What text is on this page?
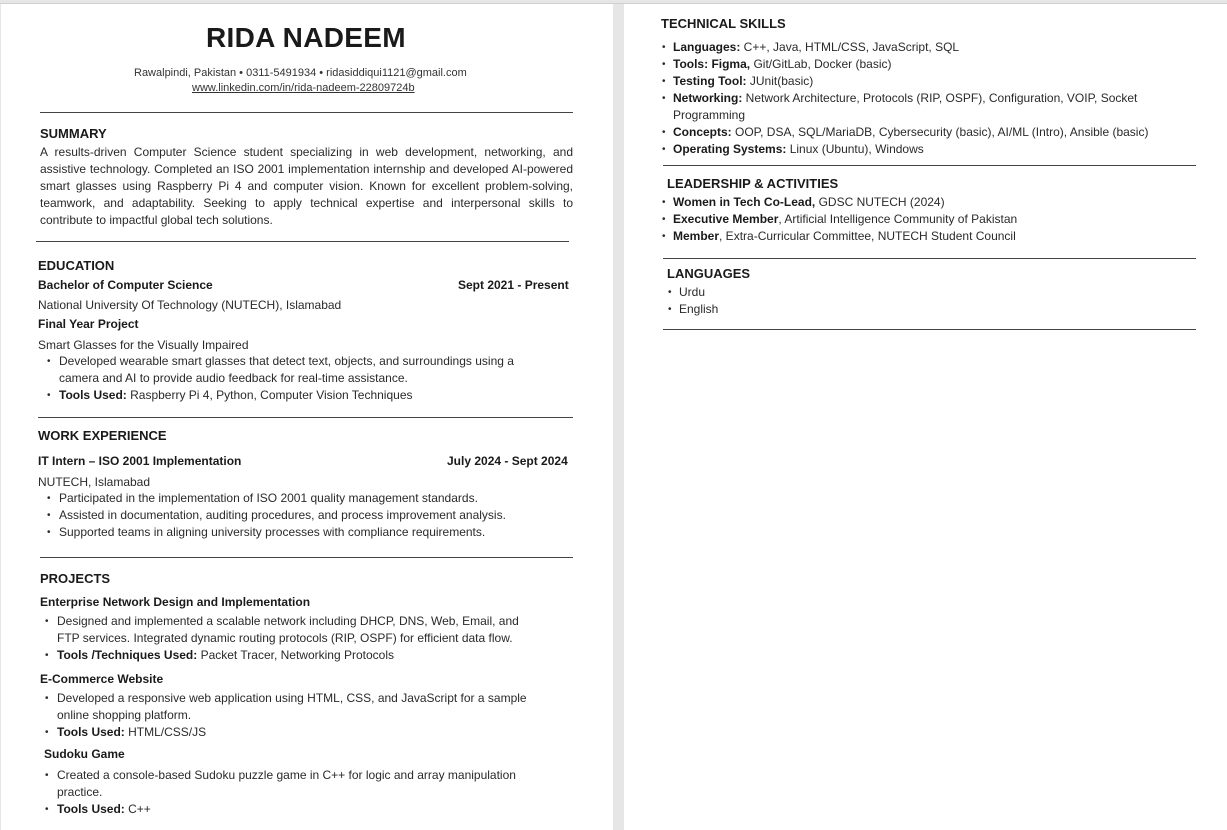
RIDA NADEEM
Rawalpindi, Pakistan • 0311-5491934 • ridasiddiqui1121@gmail.com
www.linkedin.com/in/rida-nadeem-22809724b
SUMMARY
A results-driven Computer Science student specializing in web development, networking, and assistive technology. Completed an ISO 2001 implementation internship and developed AI-powered smart glasses using Raspberry Pi 4 and computer vision. Known for excellent problem-solving, teamwork, and adaptability. Seeking to apply technical expertise and interpersonal skills to contribute to impactful global tech solutions.
EDUCATION
Bachelor of Computer Science	Sept 2021 - Present
National University Of Technology (NUTECH), Islamabad
Final Year Project
Smart Glasses for the Visually Impaired
• Developed wearable smart glasses that detect text, objects, and surroundings using a camera and AI to provide audio feedback for real-time assistance.
• Tools Used: Raspberry Pi 4, Python, Computer Vision Techniques
WORK EXPERIENCE
IT Intern – ISO 2001 Implementation	July 2024 - Sept 2024
NUTECH, Islamabad
• Participated in the implementation of ISO 2001 quality management standards.
• Assisted in documentation, auditing procedures, and process improvement analysis.
• Supported teams in aligning university processes with compliance requirements.
PROJECTS
Enterprise Network Design and Implementation
• Designed and implemented a scalable network including DHCP, DNS, Web, Email, and FTP services. Integrated dynamic routing protocols (RIP, OSPF) for efficient data flow.
• Tools /Techniques Used: Packet Tracer, Networking Protocols
E-Commerce Website
• Developed a responsive web application using HTML, CSS, and JavaScript for a sample online shopping platform.
• Tools Used: HTML/CSS/JS
Sudoku Game
• Created a console-based Sudoku puzzle game in C++ for logic and array manipulation practice.
• Tools Used: C++
TECHNICAL SKILLS
• Languages: C++, Java, HTML/CSS, JavaScript, SQL
• Tools: Figma, Git/GitLab, Docker (basic)
• Testing Tool: JUnit(basic)
• Networking: Network Architecture, Protocols (RIP, OSPF), Configuration, VOIP, Socket Programming
• Concepts: OOP, DSA, SQL/MariaDB, Cybersecurity (basic), AI/ML (Intro), Ansible (basic)
• Operating Systems: Linux (Ubuntu), Windows
LEADERSHIP & ACTIVITIES
• Women in Tech Co-Lead, GDSC NUTECH (2024)
• Executive Member, Artificial Intelligence Community of Pakistan
• Member, Extra-Curricular Committee, NUTECH Student Council
LANGUAGES
• Urdu
• English
